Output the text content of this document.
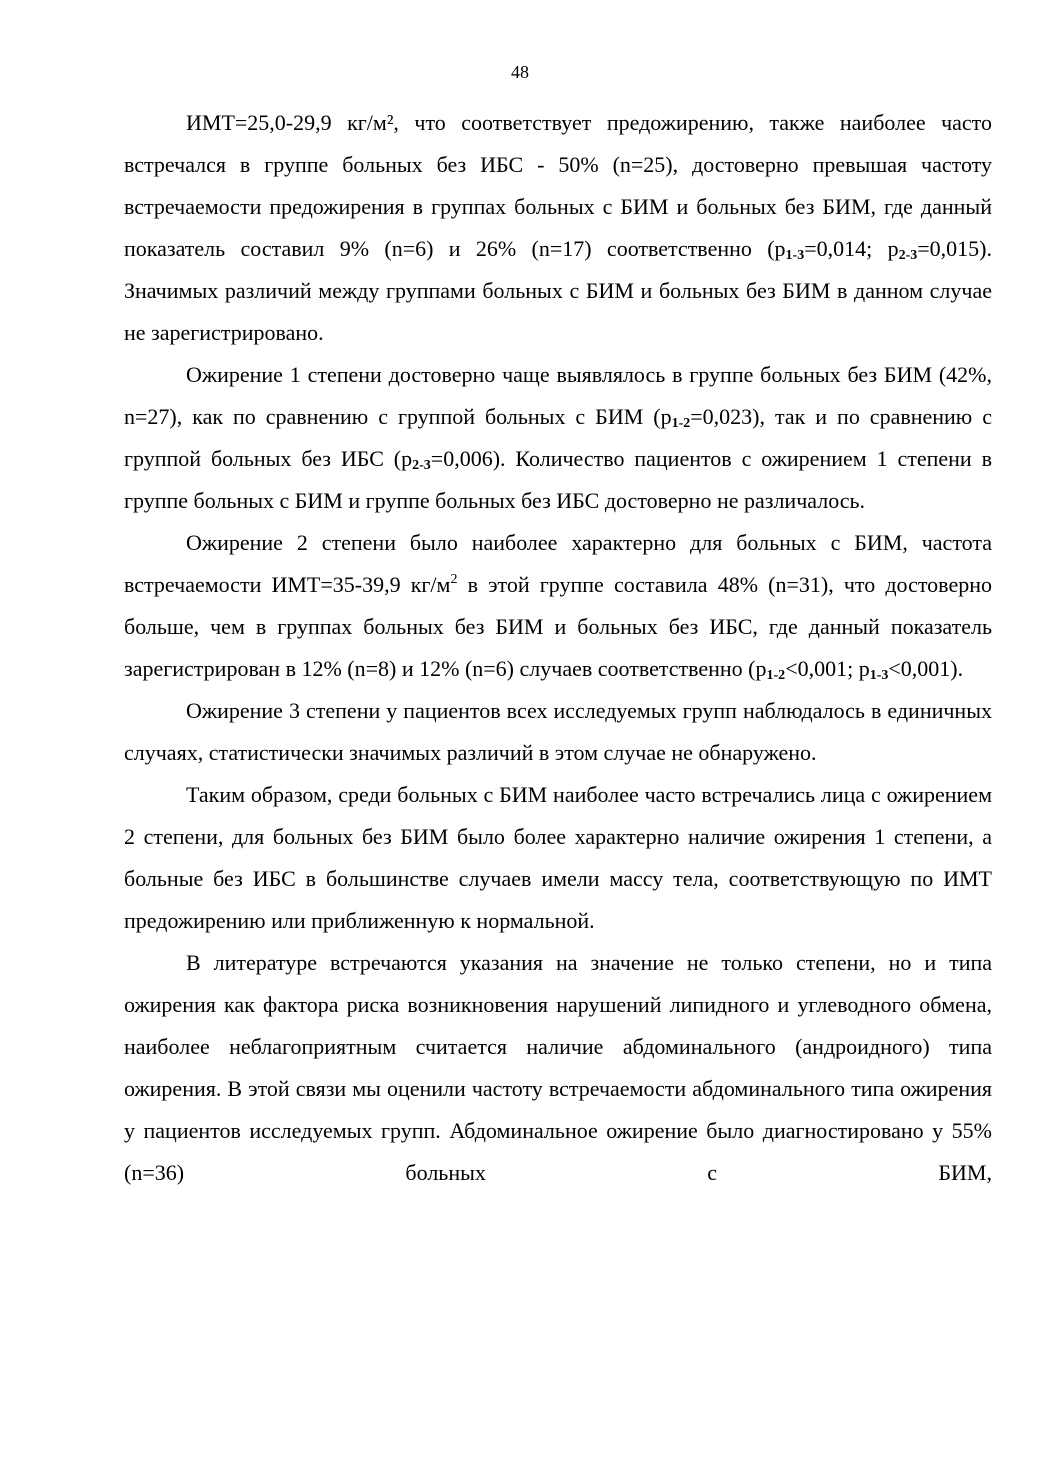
48

ИМТ=25,0-29,9 кг/м², что соответствует предожирению, также наиболее часто встречался в группе больных без ИБС - 50% (n=25), достоверно превышая частоту встречаемости предожирения в группах больных с БИМ и больных без БИМ, где данный показатель составил 9% (n=6) и 26% (n=17) соответственно ($p_{1-3}=0,014$; $p_{2-3}=0,015$). Значимых различий между группами больных с БИМ и больных без БИМ в данном случае не зарегистрировано.

Ожирение 1 степени достоверно чаще выявлялось в группе больных без БИМ (42%, n=27), как по сравнению с группой больных с БИМ $(p_{1-2}=0,023)$, так и по сравнению с группой больных без ИБС $(p_{2-3}=0,006)$. Количество пациентов с ожирением 1 степени в группе больных с БИМ и группе больных без ИБС достоверно не различалось.

Ожирение 2 степени было наиболее характерно для больных с БИМ, частота встречаемости ИМТ=35-39,9 $кг/м^2$ в этой группе составила 48% (n=31), что достоверно больше, чем в группах больных без БИМ и больных без ИБС, где данный показатель зарегистрирован в 12% (n=8) и 12% (n=6) случаев соответственно ($p_{1-2}<0,001$; $p_{1-3}<0,001$).

Ожирение 3 степени у пациентов всех исследуемых групп наблюдалось в единичных случаях, статистически значимых различий в этом случае не обнаружено.

Таким образом, среди больных с БИМ наиболее часто встречались лица с ожирением 2 степени, для больных без БИМ было более характерно наличие ожирения 1 степени, а больные без ИБС в большинстве случаев имели массу тела, соответствующую по ИМТ предожирению или приближенную к нормальной.

В литературе встречаются указания на значение не только степени, но и типа ожирения как фактора риска возникновения нарушений липидного и углеводного обмена, наиболее неблагоприятным считается наличие абдоминального (андроидного) типа ожирения. В этой связи мы оценили частоту встречаемости абдоминального типа ожирения у пациентов исследуемых групп. Абдоминальное ожирение было диагностировано у 55% (n=36) больных с БИМ,
